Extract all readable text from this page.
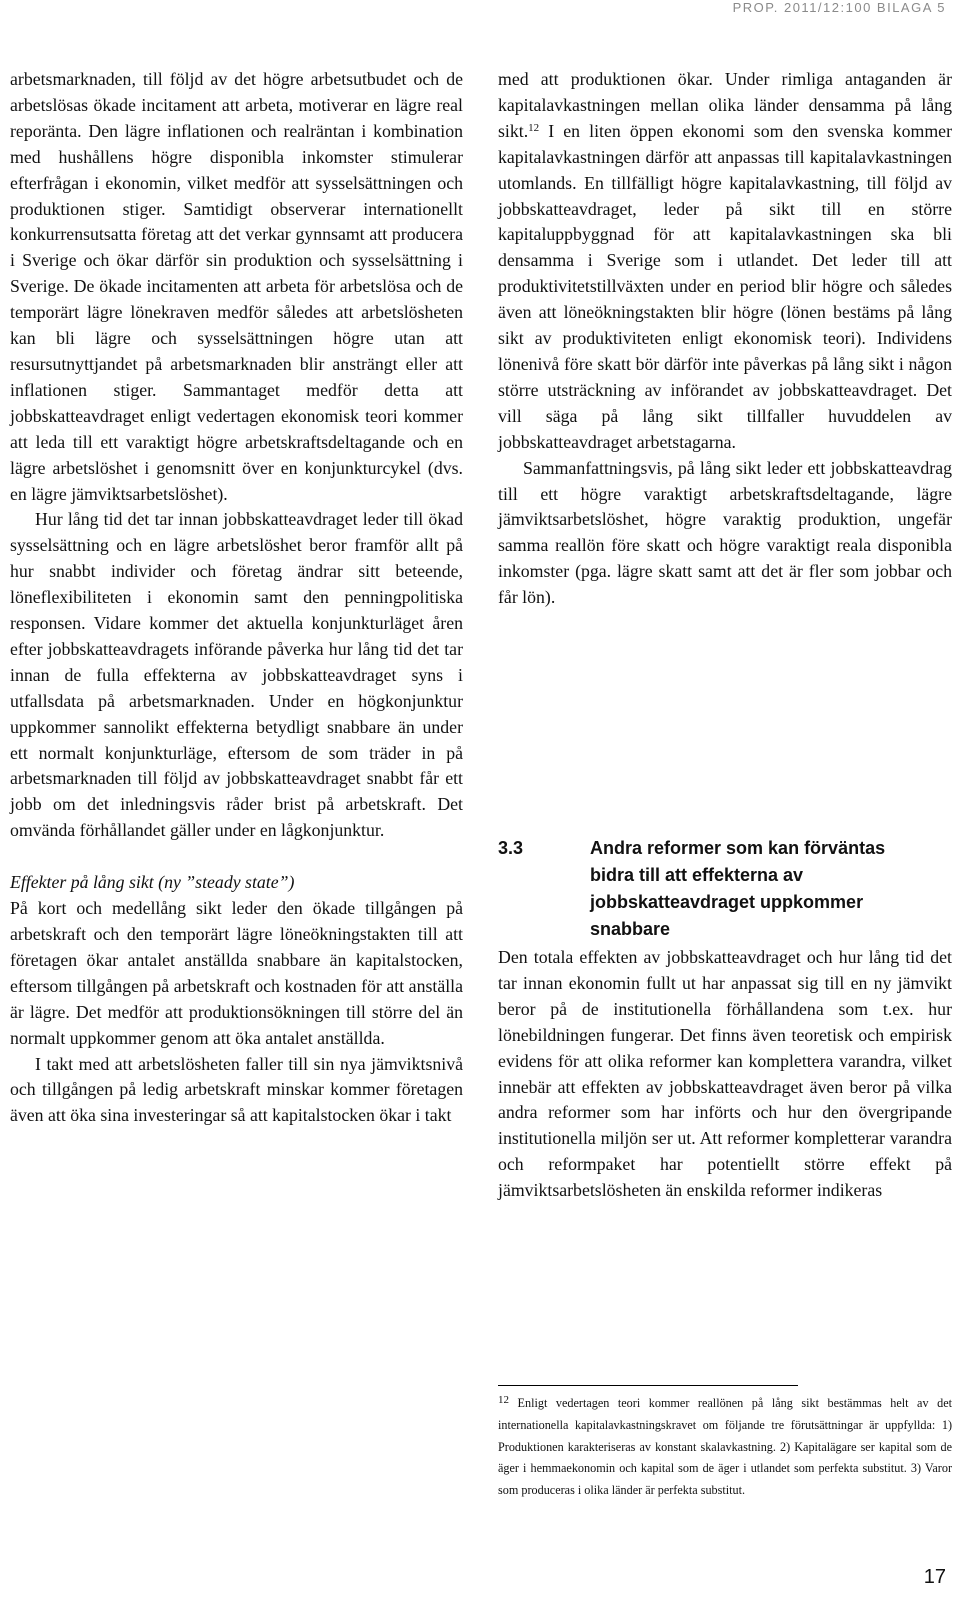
PROP. 2011/12:100 BILAGA 5

arbetsmarknaden, till följd av det högre arbetsutbudet och de arbetslösas ökade incitament att arbeta, motiverar en lägre real reporänta. Den lägre inflationen och realräntan i kombination med hushållens högre disponibla inkomster stimulerar efterfrågan i ekonomin, vilket medför att sysselsättningen och produktionen stiger. Samtidigt observerar internationellt konkurrensutsatta företag att det verkar gynnsamt att producera i Sverige och ökar därför sin produktion och sysselsättning i Sverige. De ökade incitamenten att arbeta för arbetslösa och de temporärt lägre lönekraven medför således att arbetslösheten kan bli lägre och sysselsättningen högre utan att resursutnyttjandet på arbetsmarknaden blir ansträngt eller att inflationen stiger. Sammantaget medför detta att jobbskatteavdraget enligt vedertagen ekonomisk teori kommer att leda till ett varaktigt högre arbetskraftsdeltagande och en lägre arbetslöshet i genomsnitt över en konjunkturcykel (dvs. en lägre jämviktsarbetslöshet).

Hur lång tid det tar innan jobbskatteavdraget leder till ökad sysselsättning och en lägre arbetslöshet beror framför allt på hur snabbt individer och företag ändrar sitt beteende, löneflexibiliteten i ekonomin samt den penningpolitiska responsen. Vidare kommer det aktuella konjunkturläget åren efter jobbskatteavdragets införande påverka hur lång tid det tar innan de fulla effekterna av jobbskatteavdraget syns i utfallsdata på arbetsmarknaden. Under en högkonjunktur uppkommer sannolikt effekterna betydligt snabbare än under ett normalt konjunkturläge, eftersom de som träder in på arbetsmarknaden till följd av jobbskatteavdraget snabbt får ett jobb om det inledningsvis råder brist på arbetskraft. Det omvända förhållandet gäller under en lågkonjunktur.

Effekter på lång sikt (ny ”steady state”)

På kort och medellång sikt leder den ökade tillgången på arbetskraft och den temporärt lägre löneökningstakten till att företagen ökar antalet anställda snabbare än kapitalstocken, eftersom tillgången på arbetskraft och kostnaden för att anställa är lägre. Det medför att produktionsökningen till större del än normalt uppkommer genom att öka antalet anställda.

I takt med att arbetslösheten faller till sin nya jämviktsnivå och tillgången på ledig arbetskraft minskar kommer företagen även att öka sina investeringar så att kapitalstocken ökar i takt

med att produktionen ökar. Under rimliga antaganden är kapitalavkastningen mellan olika länder densamma på lång sikt.$^{12}$ I en liten öppen ekonomi som den svenska kommer kapitalavkastningen därför att anpassas till kapitalavkastningen utomlands. En tillfälligt högre kapitalavkastning, till följd av jobbskatteavdraget, leder på sikt till en större kapitaluppbyggnad för att kapitalavkastningen ska bli densamma i Sverige som i utlandet. Det leder till att produktivitetstillväxten under en period blir högre och således även att löneökningstakten blir högre (lönen bestäms på lång sikt av produktiviteten enligt ekonomisk teori). Individens lönenivå före skatt bör därför inte påverkas på lång sikt i någon större utsträckning av införandet av jobbskatteavdraget. Det vill säga på lång sikt tillfaller huvuddelen av jobbskatteavdraget arbetstagarna.

Sammanfattningsvis, på lång sikt leder ett jobbskatteavdrag till ett högre varaktigt arbetskraftsdeltagande, lägre jämviktsarbetslöshet, högre varaktig produktion, ungefär samma reallön före skatt och högre varaktigt reala disponibla inkomster (pga. lägre skatt samt att det är fler som jobbar och får lön).

3.3	Andra reformer som kan förväntas bidra till att effekterna av jobbskatteavdraget uppkommer snabbare

Den totala effekten av jobbskatteavdraget och hur lång tid det tar innan ekonomin fullt ut har anpassat sig till en ny jämvikt beror på de institutionella förhållandena som t.ex. hur lönebildningen fungerar. Det finns även teoretisk och empirisk evidens för att olika reformer kan komplettera varandra, vilket innebär att effekten av jobbskatteavdraget även beror på vilka andra reformer som har införts och hur den övergripande institutionella miljön ser ut. Att reformer kompletterar varandra och reformpaket har potentiellt större effekt på jämviktsarbetslösheten än enskilda reformer indikeras

$^{12}$ Enligt vedertagen teori kommer reallönen på lång sikt bestämmas helt av det internationella kapitalavkastningskravet om följande tre förutsättningar är uppfyllda: 1) Produktionen karakteriseras av konstant skalavkastning. 2) Kapitalägare ser kapital som de äger i hemmaekonomin och kapital som de äger i utlandet som perfekta substitut. 3) Varor som produceras i olika länder är perfekta substitut.
17
